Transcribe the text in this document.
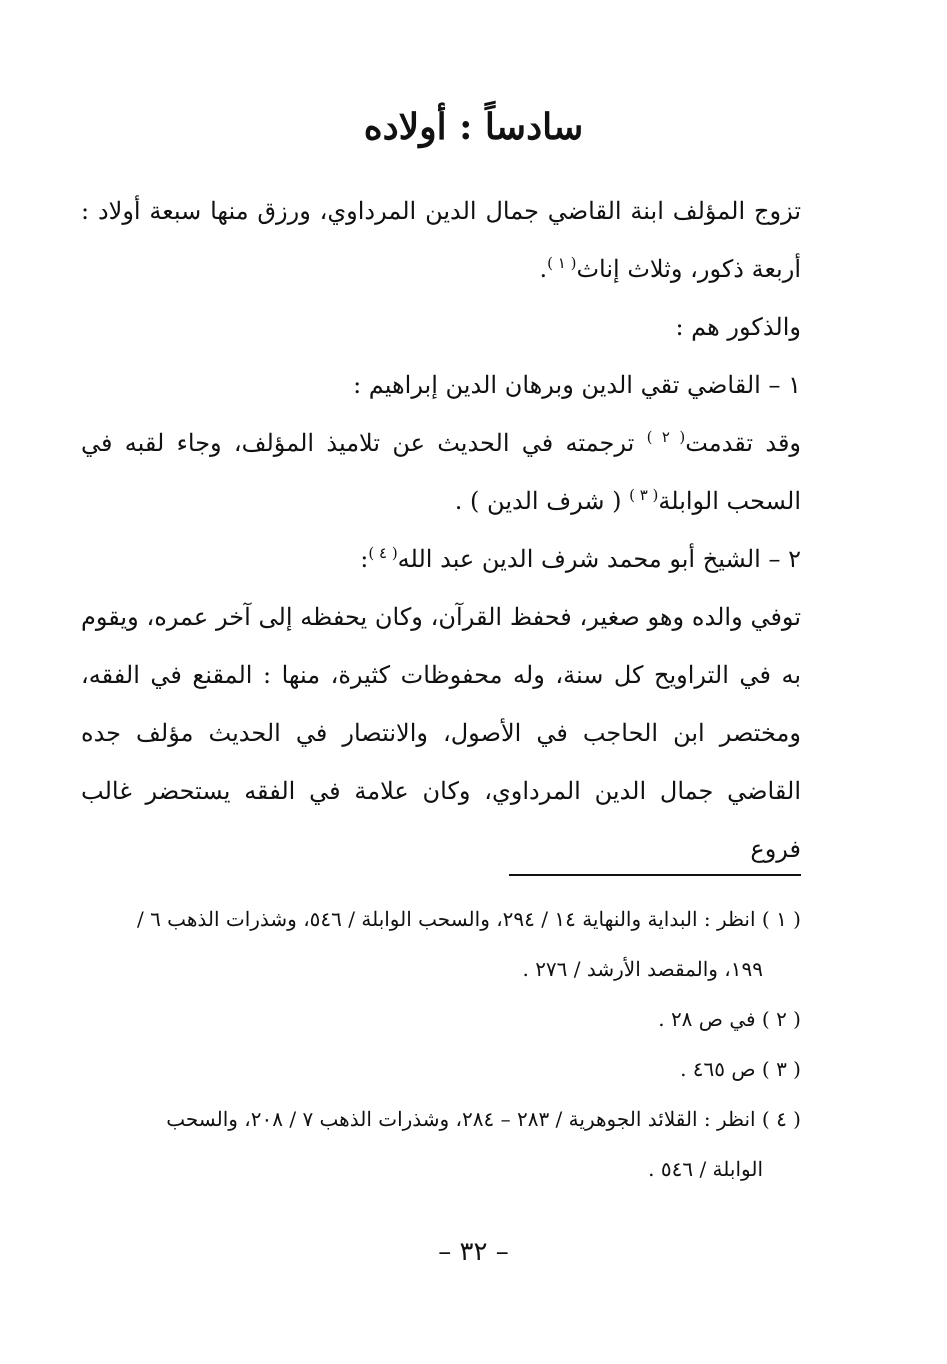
سادساً : أولاده

تزوج المؤلف ابنة القاضي جمال الدين المرداوي، ورزق منها سبعة أولاد : أربعة ذكور، وثلاث إناث$^{( ١ )}$.

والذكور هم :

١ – القاضي تقي الدين وبرهان الدين إبراهيم :

وقد تقدمت$^{( ٢ )}$ ترجمته في الحديث عن تلاميذ المؤلف، وجاء لقبه في السحب الوابلة$^{( ٣ )}$ ( شرف الدين ) .

٢ – الشيخ أبو محمد شرف الدين عبد الله$^{( ٤ )}$:

توفي والده وهو صغير، فحفظ القرآن، وكان يحفظه إلى آخر عمره، ويقوم به في التراويح كل سنة، وله محفوظات كثيرة، منها : المقنع في الفقه، ومختصر ابن الحاجب في الأصول، والانتصار في الحديث مؤلف جده القاضي جمال الدين المرداوي، وكان علامة في الفقه يستحضر غالب فروع

( ١ ) انظر : البداية والنهاية ١٤ / ٢٩٤، والسحب الوابلة / ٥٤٦، وشذرات الذهب ٦ /

١٩٩، والمقصد الأرشد / ٢٧٦ .

( ٢ ) في ص ٢٨ .

( ٣ ) ص ٤٦٥ .

( ٤ ) انظر : القلائد الجوهرية / ٢٨٣ – ٢٨٤، وشذرات الذهب ٧ / ٢٠٨، والسحب

الوابلة / ٥٤٦ .

– ٣٢ –
